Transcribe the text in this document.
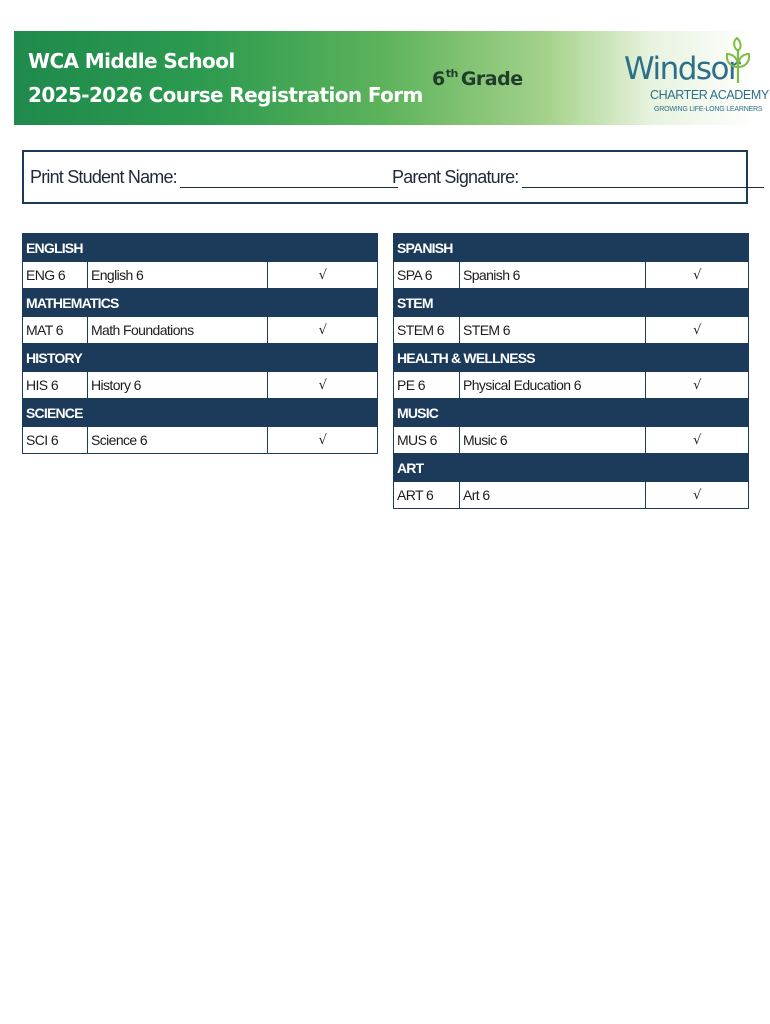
WCA Middle School
2025-2026 Course Registration Form
6th Grade	Windsor
CHARTER ACADEMY
GROWING LIFE-LONG LEARNERS
Print Student Name:	Parent Signature:
ENGLISH		
ENG 6	English 6	√
MATHEMATICS		
MAT 6	Math Foundations	√
HISTORY		
HIS 6	History 6	√
SCIENCE		
SCI 6	Science 6	√
SPANISH		
SPA 6	Spanish 6	√
STEM		
STEM 6	STEM 6	√
HEALTH & WELLNESS		
PE 6	Physical Education 6	√
MUSIC		
MUS 6	Music 6	√
ART		
ART 6	Art 6	√
